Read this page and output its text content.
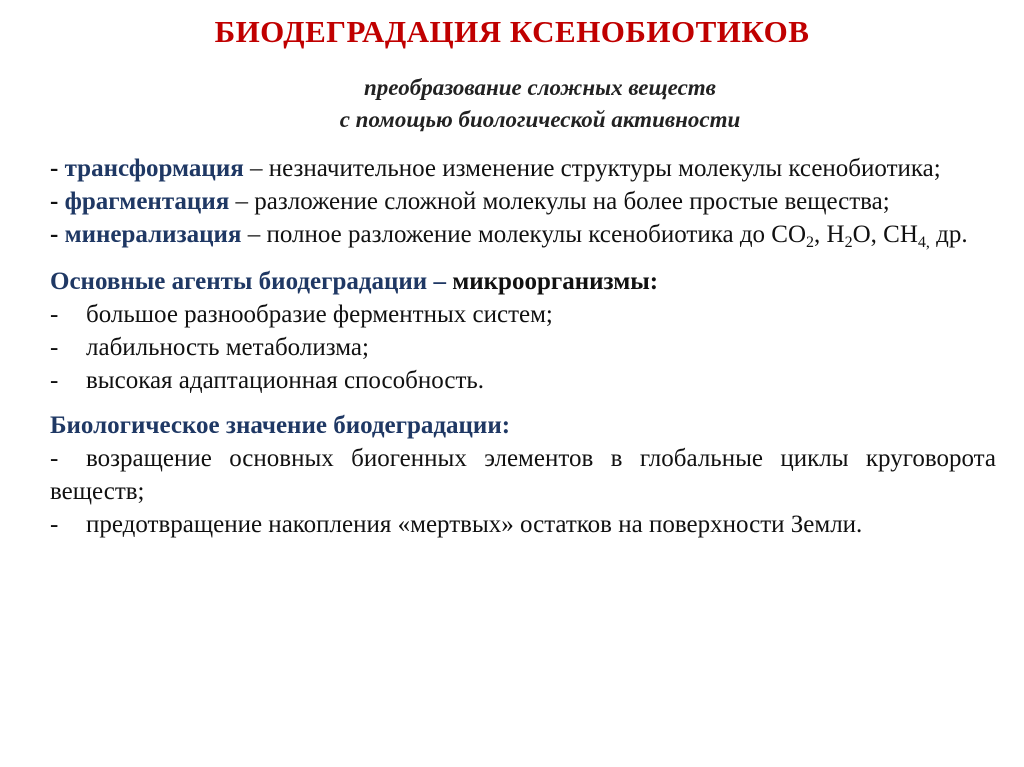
БИОДЕГРАДАЦИЯ КСЕНОБИОТИКОВ
преобразование сложных веществ
с помощью биологической активности

- трансформация – незначительное изменение структуры молекулы ксенобиотика;

- фрагментация – разложение сложной молекулы на более простые вещества;

- минерализация – полное разложение молекулы ксенобиотика до $CO_2$, $H_2O$, $CH_{4,}$ др.

Основные агенты биодеградации – микроорганизмы:

- большое разнообразие ферментных систем;

- лабильность метаболизма;

- высокая адаптационная способность.

Биологическое значение биодеградации:

- возращение основных биогенных элементов в глобальные циклы круговорота веществ;

- предотвращение накопления «мертвых» остатков на поверхности Земли.
